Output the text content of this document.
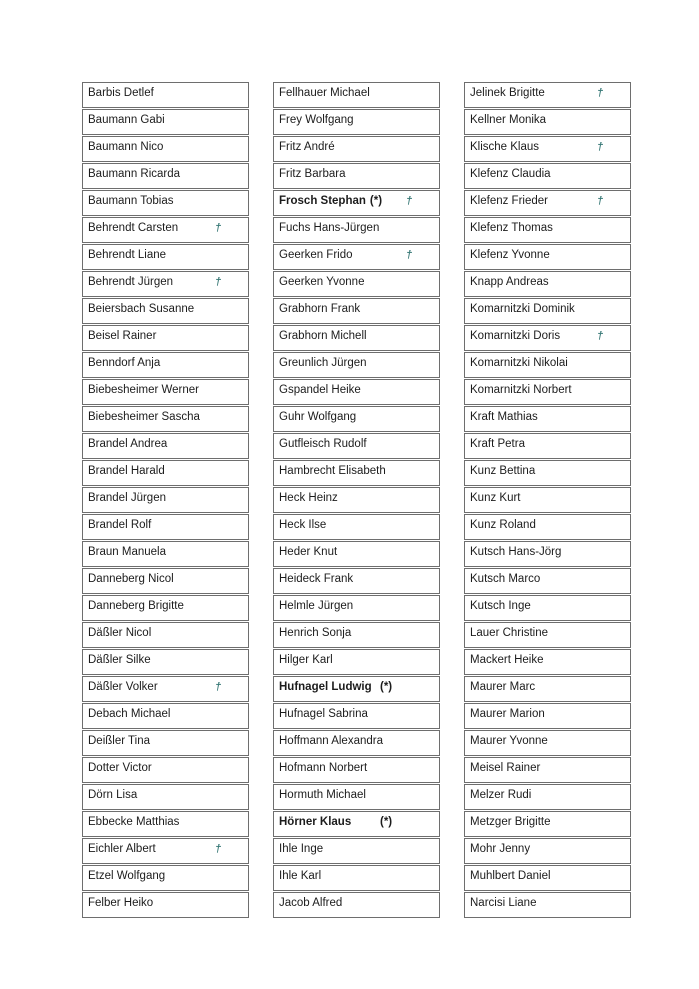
Barbis Detlef
Baumann Gabi
Baumann Nico
Baumann Ricarda
Baumann Tobias
Behrendt Carsten	†
Behrendt Liane
Behrendt Jürgen	†
Beiersbach Susanne
Beisel Rainer
Benndorf Anja
Biebesheimer Werner
Biebesheimer Sascha
Brandel Andrea
Brandel Harald
Brandel Jürgen
Brandel Rolf
Braun Manuela
Danneberg Nicol
Danneberg Brigitte
Däßler Nicol
Däßler Silke
Däßler Volker	†
Debach Michael
Deißler Tina
Dotter Victor
Dörn Lisa
Ebbecke Matthias
Eichler Albert	†
Etzel Wolfgang
Felber Heiko
Fellhauer Michael
Frey Wolfgang
Fritz André
Fritz Barbara
Frosch Stephan (*) †
Fuchs Hans-Jürgen
Geerken Frido	†
Geerken Yvonne
Grabhorn Frank
Grabhorn Michell
Greunlich Jürgen
Gspandel Heike
Guhr Wolfgang
Gutfleisch Rudolf
Hambrecht Elisabeth
Heck Heinz
Heck Ilse
Heder Knut
Heideck Frank
Helmle Jürgen
Henrich Sonja
Hilger Karl
Hufnagel Ludwig (*)
Hufnagel Sabrina
Hoffmann Alexandra
Hofmann Norbert
Hormuth Michael
Hörner Klaus	(*)
Ihle Inge
Ihle Karl
Jacob Alfred
Jelinek Brigitte	†
Kellner Monika
Klische Klaus	†
Klefenz Claudia
Klefenz Frieder	†
Klefenz Thomas
Klefenz Yvonne
Knapp Andreas
Komarnitzki Dominik
Komarnitzki Doris	†
Komarnitzki Nikolai
Komarnitzki Norbert
Kraft Mathias
Kraft Petra
Kunz Bettina
Kunz Kurt
Kunz Roland
Kutsch Hans-Jörg
Kutsch Marco
Kutsch Inge
Lauer Christine
Mackert Heike
Maurer Marc
Maurer Marion
Maurer Yvonne
Meisel Rainer
Melzer Rudi
Metzger Brigitte
Mohr Jenny
Muhlbert Daniel
Narcisi Liane
